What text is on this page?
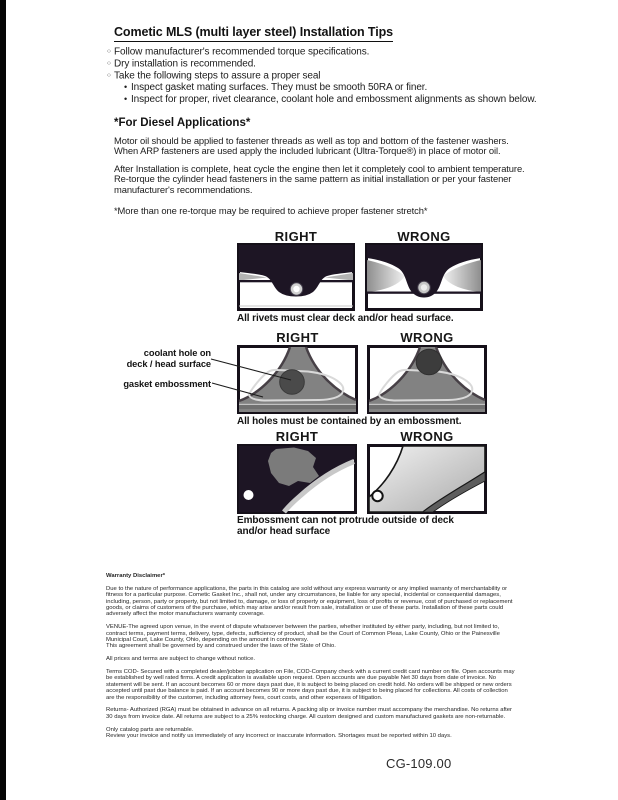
Cometic MLS (multi layer steel) Installation Tips
○ Follow manufacturer's recommended torque specifications.
○ Dry installation is recommended.
○ Take the following steps to assure a proper seal
• Inspect gasket mating surfaces. They must be smooth 50RA or finer.
• Inspect for proper, rivet clearance, coolant hole and embossment alignments as shown below.
*For Diesel Applications*
Motor oil should be applied to fastener threads as well as top and bottom of the fastener washers. When ARP fasteners are used apply the included lubricant (Ultra-Torque®) in place of motor oil.
After Installation is complete, heat cycle the engine then let it completely cool to ambient temperature. Re-torque the cylinder head fasteners in the same pattern as initial installation or per your fastener manufacturer's recommendations.
*More than one re-torque may be required to achieve proper fastener stretch*
RIGHT	WRONG
All rivets must clear deck and/or head surface.
RIGHT	WRONG
coolant hole on
deck / head surface
gasket embossment
All holes must be contained by an embossment.
RIGHT	WRONG
Embossment can not protrude outside of deck
and/or head surface

Warranty Disclaimer*

Due to the nature of performance applications, the parts in this catalog are sold without any express warranty or any implied warranty of merchantability or fitness for a particular purpose. Cometic Gasket Inc., shall not, under any circumstances, be liable for any special, incidental or consequential damages, including, person, party or property, but not limited to, damage, or loss of property or equipment, loss of profits or revenue, cost of purchased or replacement goods, or claims of customers of the purchase, which may arise and/or result from sale, installation or use of these parts. Installation of these parts could adversely affect the motor manufacturers warranty coverage.

VENUE-The agreed upon venue, in the event of dispute whatsoever between the parties, whether instituted by either party, including, but not limited to, contract terms, payment terms, delivery, type, defects, sufficiency of product, shall be the Court of Common Pleas, Lake County, Ohio or the Painesville Municipal Court, Lake County, Ohio, depending on the amount in controversy.

This agreement shall be governed by and construed under the laws of the State of Ohio.

All prices and terms are subject to change without notice.

Terms COD- Secured with a completed dealer/jobber application on File, COD-Company check with a current credit card number on file. Open accounts may be established by well rated firms. A credit application is available upon request. Open accounts are due payable Net 30 days from date of invoice. No statement will be sent. If an account becomes 60 or more days past due, it is subject to being placed on credit hold. No orders will be shipped or new orders accepted until past due balance is paid. If an account becomes 90 or more days past due, it is subject to being placed for collections. All costs of collection are the responsibility of the customer, including attorney fees, court costs, and other expenses of litigation.

Returns- Authorized (RGA) must be obtained in advance on all returns. A packing slip or invoice number must accompany the merchandise. No returns after 30 days from invoice date. All returns are subject to a 25% restocking charge. All custom designed and custom manufactured gaskets are non-returnable.

Only catalog parts are returnable.

Review your invoice and notify us immediately of any incorrect or inaccurate information. Shortages must be reported within 10 days.

CG-109.00
